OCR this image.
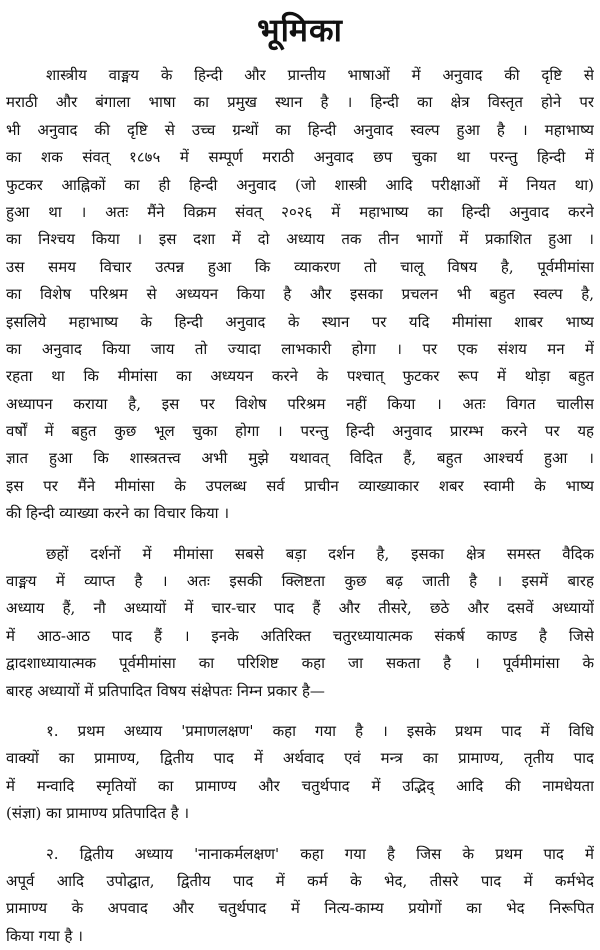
भूमिका
शास्त्रीय वाङ्मय के हिन्दी और प्रान्तीय भाषाओं में अनुवाद की दृष्टि से
मराठी और बंगाला भाषा का प्रमुख स्थान है । हिन्दी का क्षेत्र विस्तृत होने पर
भी अनुवाद की दृष्टि से उच्च ग्रन्थों का हिन्दी अनुवाद स्वल्प हुआ है । महाभाष्य
का शक संवत् १८७५ में सम्पूर्ण मराठी अनुवाद छप चुका था परन्तु हिन्दी में
फुटकर आह्निकों का ही हिन्दी अनुवाद (जो शास्त्री आदि परीक्षाओं में नियत था)
हुआ था । अतः मैंने विक्रम संवत् २०२६ में महाभाष्य का हिन्दी अनुवाद करने
का निश्चय किया । इस दशा में दो अध्याय तक तीन भागों में प्रकाशित हुआ ।
उस समय विचार उत्पन्न हुआ कि व्याकरण तो चालू विषय है, पूर्वमीमांसा
का विशेष परिश्रम से अध्ययन किया है और इसका प्रचलन भी बहुत स्वल्प है,
इसलिये महाभाष्य के हिन्दी अनुवाद के स्थान पर यदि मीमांसा शाबर भाष्य
का अनुवाद किया जाय तो ज्यादा लाभकारी होगा । पर एक संशय मन में
रहता था कि मीमांसा का अध्ययन करने के पश्चात् फुटकर रूप में थोड़ा बहुत
अध्यापन कराया है, इस पर विशेष परिश्रम नहीं किया । अतः विगत चालीस
वर्षों में बहुत कुछ भूल चुका होगा । परन्तु हिन्दी अनुवाद प्रारम्भ करने पर यह
ज्ञात हुआ कि शास्त्रतत्त्व अभी मुझे यथावत् विदित हैं, बहुत आश्चर्य हुआ ।
इस पर मैंने मीमांसा के उपलब्ध सर्व प्राचीन व्याख्याकार शबर स्वामी के भाष्य
की हिन्दी व्याख्या करने का विचार किया ।
छहों दर्शनों में मीमांसा सबसे बड़ा दर्शन है, इसका क्षेत्र समस्त वैदिक
वाङ्मय में व्याप्त है । अतः इसकी क्लिष्टता कुछ बढ़ जाती है । इसमें बारह
अध्याय हैं, नौ अध्यायों में चार-चार पाद हैं और तीसरे, छठे और दसवें अध्यायों
में आठ-आठ पाद हैं । इनके अतिरिक्त चतुरध्यायात्मक संकर्ष काण्ड है जिसे
द्वादशाध्यायात्मक पूर्वमीमांसा का परिशिष्ट कहा जा सकता है । पूर्वमीमांसा के
बारह अध्यायों में प्रतिपादित विषय संक्षेपतः निम्न प्रकार है—
१. प्रथम अध्याय 'प्रमाणलक्षण' कहा गया है । इसके प्रथम पाद में विधि
वाक्यों का प्रामाण्य, द्वितीय पाद में अर्थवाद एवं मन्त्र का प्रामाण्य, तृतीय पाद
में मन्वादि स्मृतियों का प्रामाण्य और चतुर्थपाद में उद्भिद् आदि की नामधेयता
(संज्ञा) का प्रामाण्य प्रतिपादित है ।
२. द्वितीय अध्याय 'नानाकर्मलक्षण' कहा गया है जिस के प्रथम पाद में
अपूर्व आदि उपोद्घात, द्वितीय पाद में कर्म के भेद, तीसरे पाद में कर्मभेद
प्रामाण्य के अपवाद और चतुर्थपाद में नित्य-काम्य प्रयोगों का भेद निरूपित
किया गया है ।
